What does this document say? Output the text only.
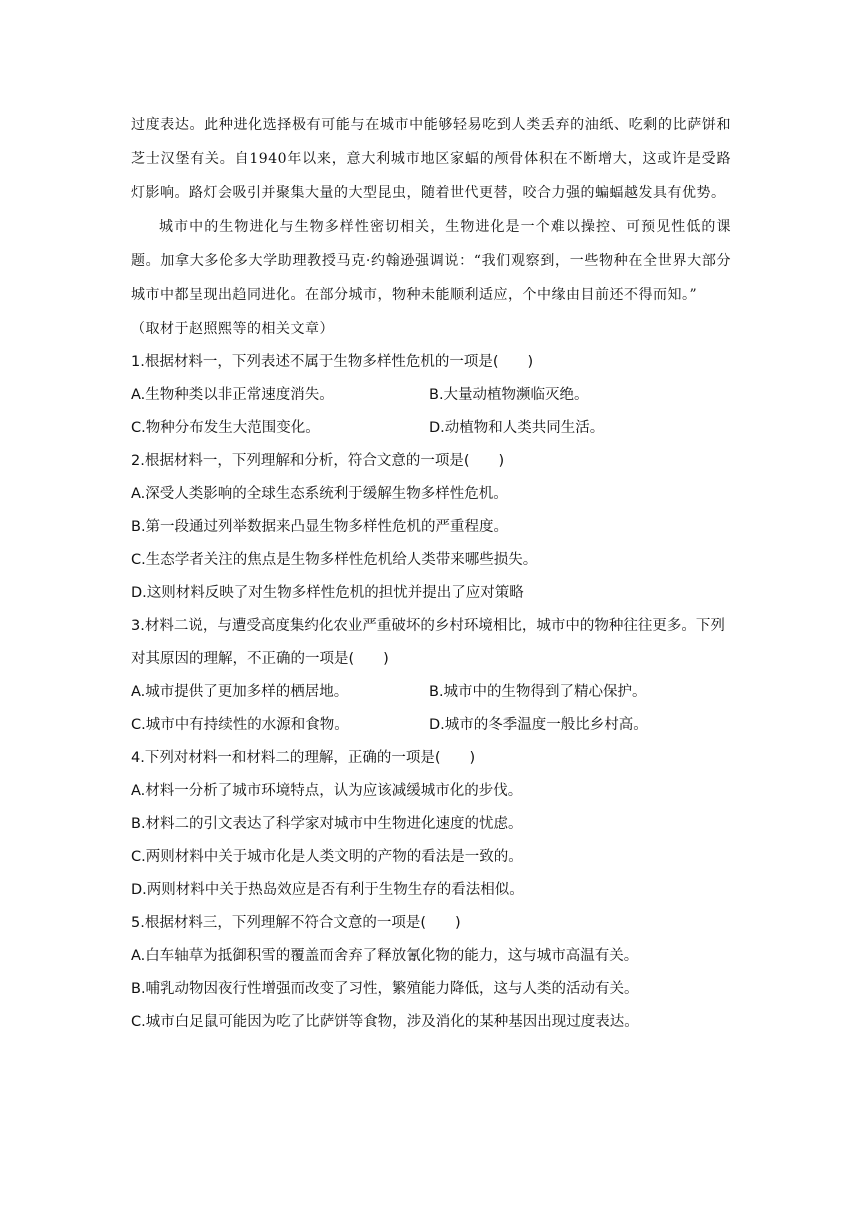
过度表达。此种进化选择极有可能与在城市中能够轻易吃到人类丢弃的油纸、吃剩的比萨饼和芝士汉堡有关。自1940年以来，意大利城市地区家蝠的颅骨体积在不断增大，这或许是受路灯影响。路灯会吸引并聚集大量的大型昆虫，随着世代更替，咬合力强的蝙蝠越发具有优势。

城市中的生物进化与生物多样性密切相关，生物进化是一个难以操控、可预见性低的课题。加拿大多伦多大学助理教授马克·约翰逊强调说：“我们观察到，一些物种在全世界大部分城市中都呈现出趋同进化。在部分城市，物种未能顺利适应，个中缘由目前还不得而知。”

（取材于赵照熙等的相关文章）

1.根据材料一，下列表述不属于生物多样性危机的一项是(　　)

A.生物种类以非正常速度消失。	B.大量动植物濒临灭绝。
C.物种分布发生大范围变化。	D.动植物和人类共同生活。

2.根据材料一，下列理解和分析，符合文意的一项是(　　)

A.深受人类影响的全球生态系统利于缓解生物多样性危机。

B.第一段通过列举数据来凸显生物多样性危机的严重程度。

C.生态学者关注的焦点是生物多样性危机给人类带来哪些损失。

D.这则材料反映了对生物多样性危机的担忧并提出了应对策略

3.材料二说，与遭受高度集约化农业严重破坏的乡村环境相比，城市中的物种往往更多。下列对其原因的理解，不正确的一项是(　　)

A.城市提供了更加多样的栖居地。	B.城市中的生物得到了精心保护。
C.城市中有持续性的水源和食物。	D.城市的冬季温度一般比乡村高。

4.下列对材料一和材料二的理解，正确的一项是(　　)

A.材料一分析了城市环境特点，认为应该减缓城市化的步伐。

B.材料二的引文表达了科学家对城市中生物进化速度的忧虑。

C.两则材料中关于城市化是人类文明的产物的看法是一致的。

D.两则材料中关于热岛效应是否有利于生物生存的看法相似。

5.根据材料三，下列理解不符合文意的一项是(　　)

A.白车轴草为抵御积雪的覆盖而舍弃了释放氰化物的能力，这与城市高温有关。

B.哺乳动物因夜行性增强而改变了习性，繁殖能力降低，这与人类的活动有关。

C.城市白足鼠可能因为吃了比萨饼等食物，涉及消化的某种基因出现过度表达。
